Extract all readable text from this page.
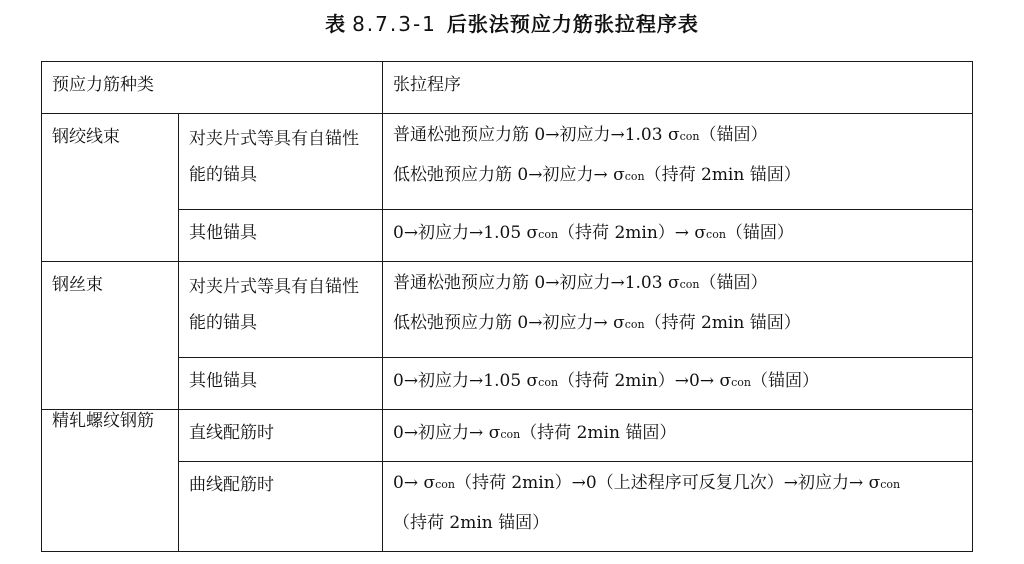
表 8.7.3-1 后张法预应力筋张拉程序表
预应力筋种类		张拉程序
钢绞线束	对夹片式等具有自锚性能的锚具	普通松弛预应力筋 0→初应力→1.03 σcon（锚固）
低松弛预应力筋 0→初应力→ σcon（持荷 2min 锚固）

	其他锚具	0→初应力→1.05 σcon（持荷 2min）→ σcon（锚固）

钢丝束	对夹片式等具有自锚性能的锚具	普通松弛预应力筋 0→初应力→1.03 σcon（锚固）
低松弛预应力筋 0→初应力→ σcon（持荷 2min 锚固）

	其他锚具	0→初应力→1.05 σcon（持荷 2min）→0→ σcon（锚固）

精轧螺纹钢筋	直线配筋时	0→初应力→ σcon（持荷 2min 锚固）

	曲线配筋时	0→ σcon（持荷 2min）→0（上述程序可反复几次）→初应力→ σcon
（持荷 2min 锚固）
